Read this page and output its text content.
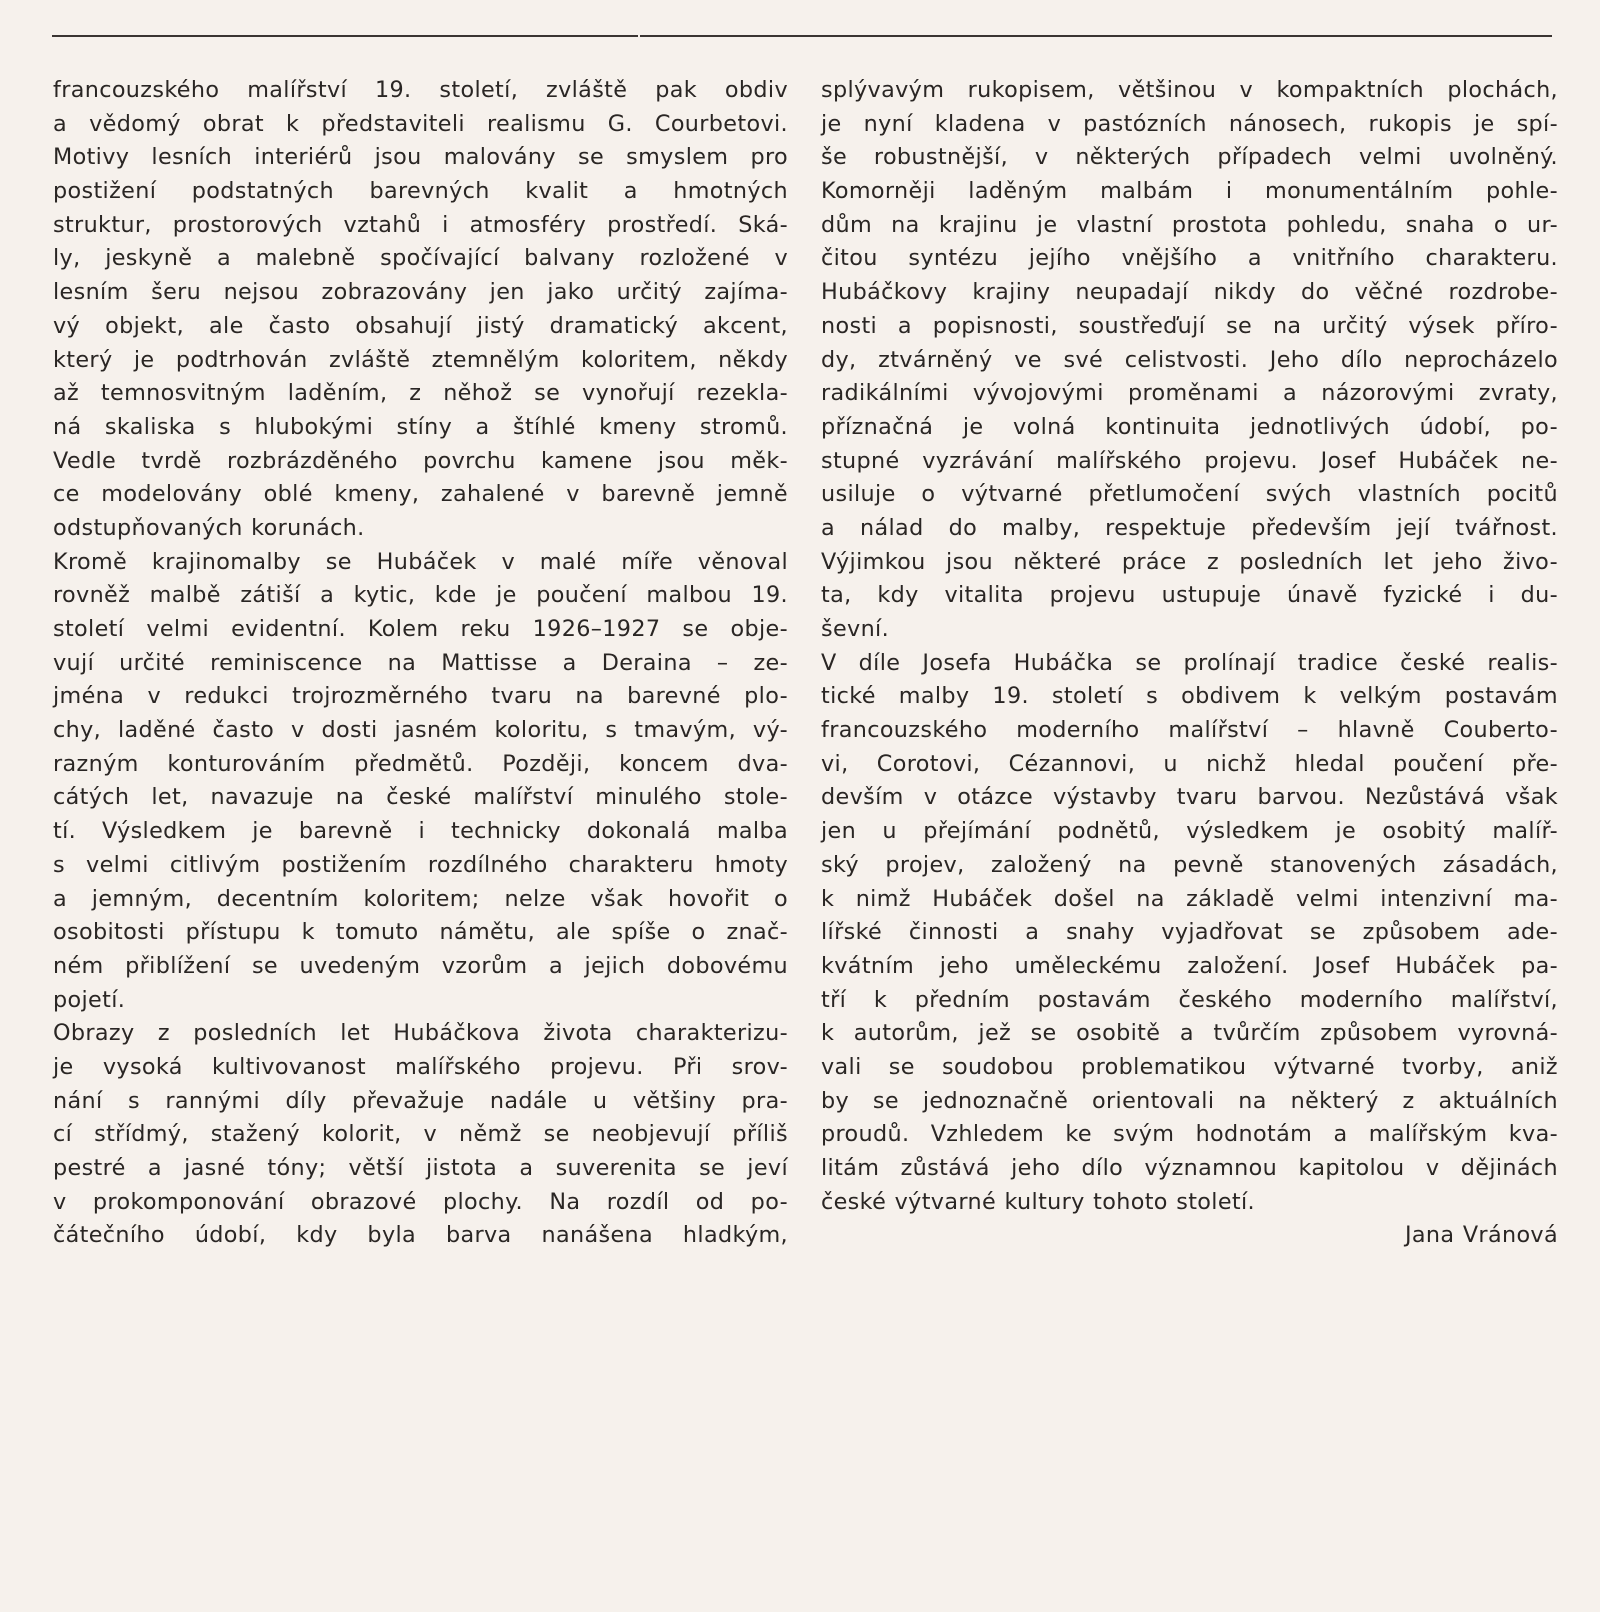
francouzského malířství 19. století, zvláště pak obdiv
a vědomý obrat k představiteli realismu G. Courbetovi.
Motivy lesních interiérů jsou malovány se smyslem pro
postižení podstatných barevných kvalit a hmotných
struktur, prostorových vztahů i atmosféry prostředí. Ská-
ly, jeskyně a malebně spočívající balvany rozložené v
lesním šeru nejsou zobrazovány jen jako určitý zajíma-
vý objekt, ale často obsahují jistý dramatický akcent,
který je podtrhován zvláště ztemnělým koloritem, někdy
až temnosvitným laděním, z něhož se vynořují rezekla-
ná skaliska s hlubokými stíny a štíhlé kmeny stromů.
Vedle tvrdě rozbrázděného povrchu kamene jsou měk-
ce modelovány oblé kmeny, zahalené v barevně jemně
odstupňovaných korunách.
Kromě krajinomalby se Hubáček v malé míře věnoval
rovněž malbě zátiší a kytic, kde je poučení malbou 19.
století velmi evidentní. Kolem reku 1926–1927 se obje-
vují určité reminiscence na Mattisse a Deraina – ze-
jména v redukci trojrozměrného tvaru na barevné plo-
chy, laděné často v dosti jasném koloritu, s tmavým, vý-
razným konturováním předmětů. Později, koncem dva-
cátých let, navazuje na české malířství minulého stole-
tí. Výsledkem je barevně i technicky dokonalá malba
s velmi citlivým postižením rozdílného charakteru hmoty
a jemným, decentním koloritem; nelze však hovořit o
osobitosti přístupu k tomuto námětu, ale spíše o znač-
ném přiblížení se uvedeným vzorům a jejich dobovému
pojetí.
Obrazy z posledních let Hubáčkova života charakterizu-
je vysoká kultivovanost malířského projevu. Při srov-
nání s rannými díly převažuje nadále u většiny pra-
cí střídmý, stažený kolorit, v němž se neobjevují příliš
pestré a jasné tóny; větší jistota a suverenita se jeví
v prokomponování obrazové plochy. Na rozdíl od po-
čátečního údobí, kdy byla barva nanášena hladkým,
splývavým rukopisem, většinou v kompaktních plochách,
je nyní kladena v pastózních nánosech, rukopis je spí-
še robustnější, v některých případech velmi uvolněný.
Komorněji laděným malbám i monumentálním pohle-
dům na krajinu je vlastní prostota pohledu, snaha o ur-
čitou syntézu jejího vnějšího a vnitřního charakteru.
Hubáčkovy krajiny neupadají nikdy do věčné rozdrobe-
nosti a popisnosti, soustřeďují se na určitý výsek příro-
dy, ztvárněný ve své celistvosti. Jeho dílo neprocházelo
radikálními vývojovými proměnami a názorovými zvraty,
příznačná je volná kontinuita jednotlivých údobí, po-
stupné vyzrávání malířského projevu. Josef Hubáček ne-
usiluje o výtvarné přetlumočení svých vlastních pocitů
a nálad do malby, respektuje především její tvářnost.
Výjimkou jsou některé práce z posledních let jeho živo-
ta, kdy vitalita projevu ustupuje únavě fyzické i du-
ševní.
V díle Josefa Hubáčka se prolínají tradice české realis-
tické malby 19. století s obdivem k velkým postavám
francouzského moderního malířství – hlavně Couberto-
vi, Corotovi, Cézannovi, u nichž hledal poučení pře-
devším v otázce výstavby tvaru barvou. Nezůstává však
jen u přejímání podnětů, výsledkem je osobitý malíř-
ský projev, založený na pevně stanovených zásadách,
k nimž Hubáček došel na základě velmi intenzivní ma-
lířské činnosti a snahy vyjadřovat se způsobem ade-
kvátním jeho uměleckému založení. Josef Hubáček pa-
tří k předním postavám českého moderního malířství,
k autorům, jež se osobitě a tvůrčím způsobem vyrovná-
vali se soudobou problematikou výtvarné tvorby, aniž
by se jednoznačně orientovali na některý z aktuálních
proudů. Vzhledem ke svým hodnotám a malířským kva-
litám zůstává jeho dílo významnou kapitolou v dějinách
české výtvarné kultury tohoto století.
Jana Vránová
